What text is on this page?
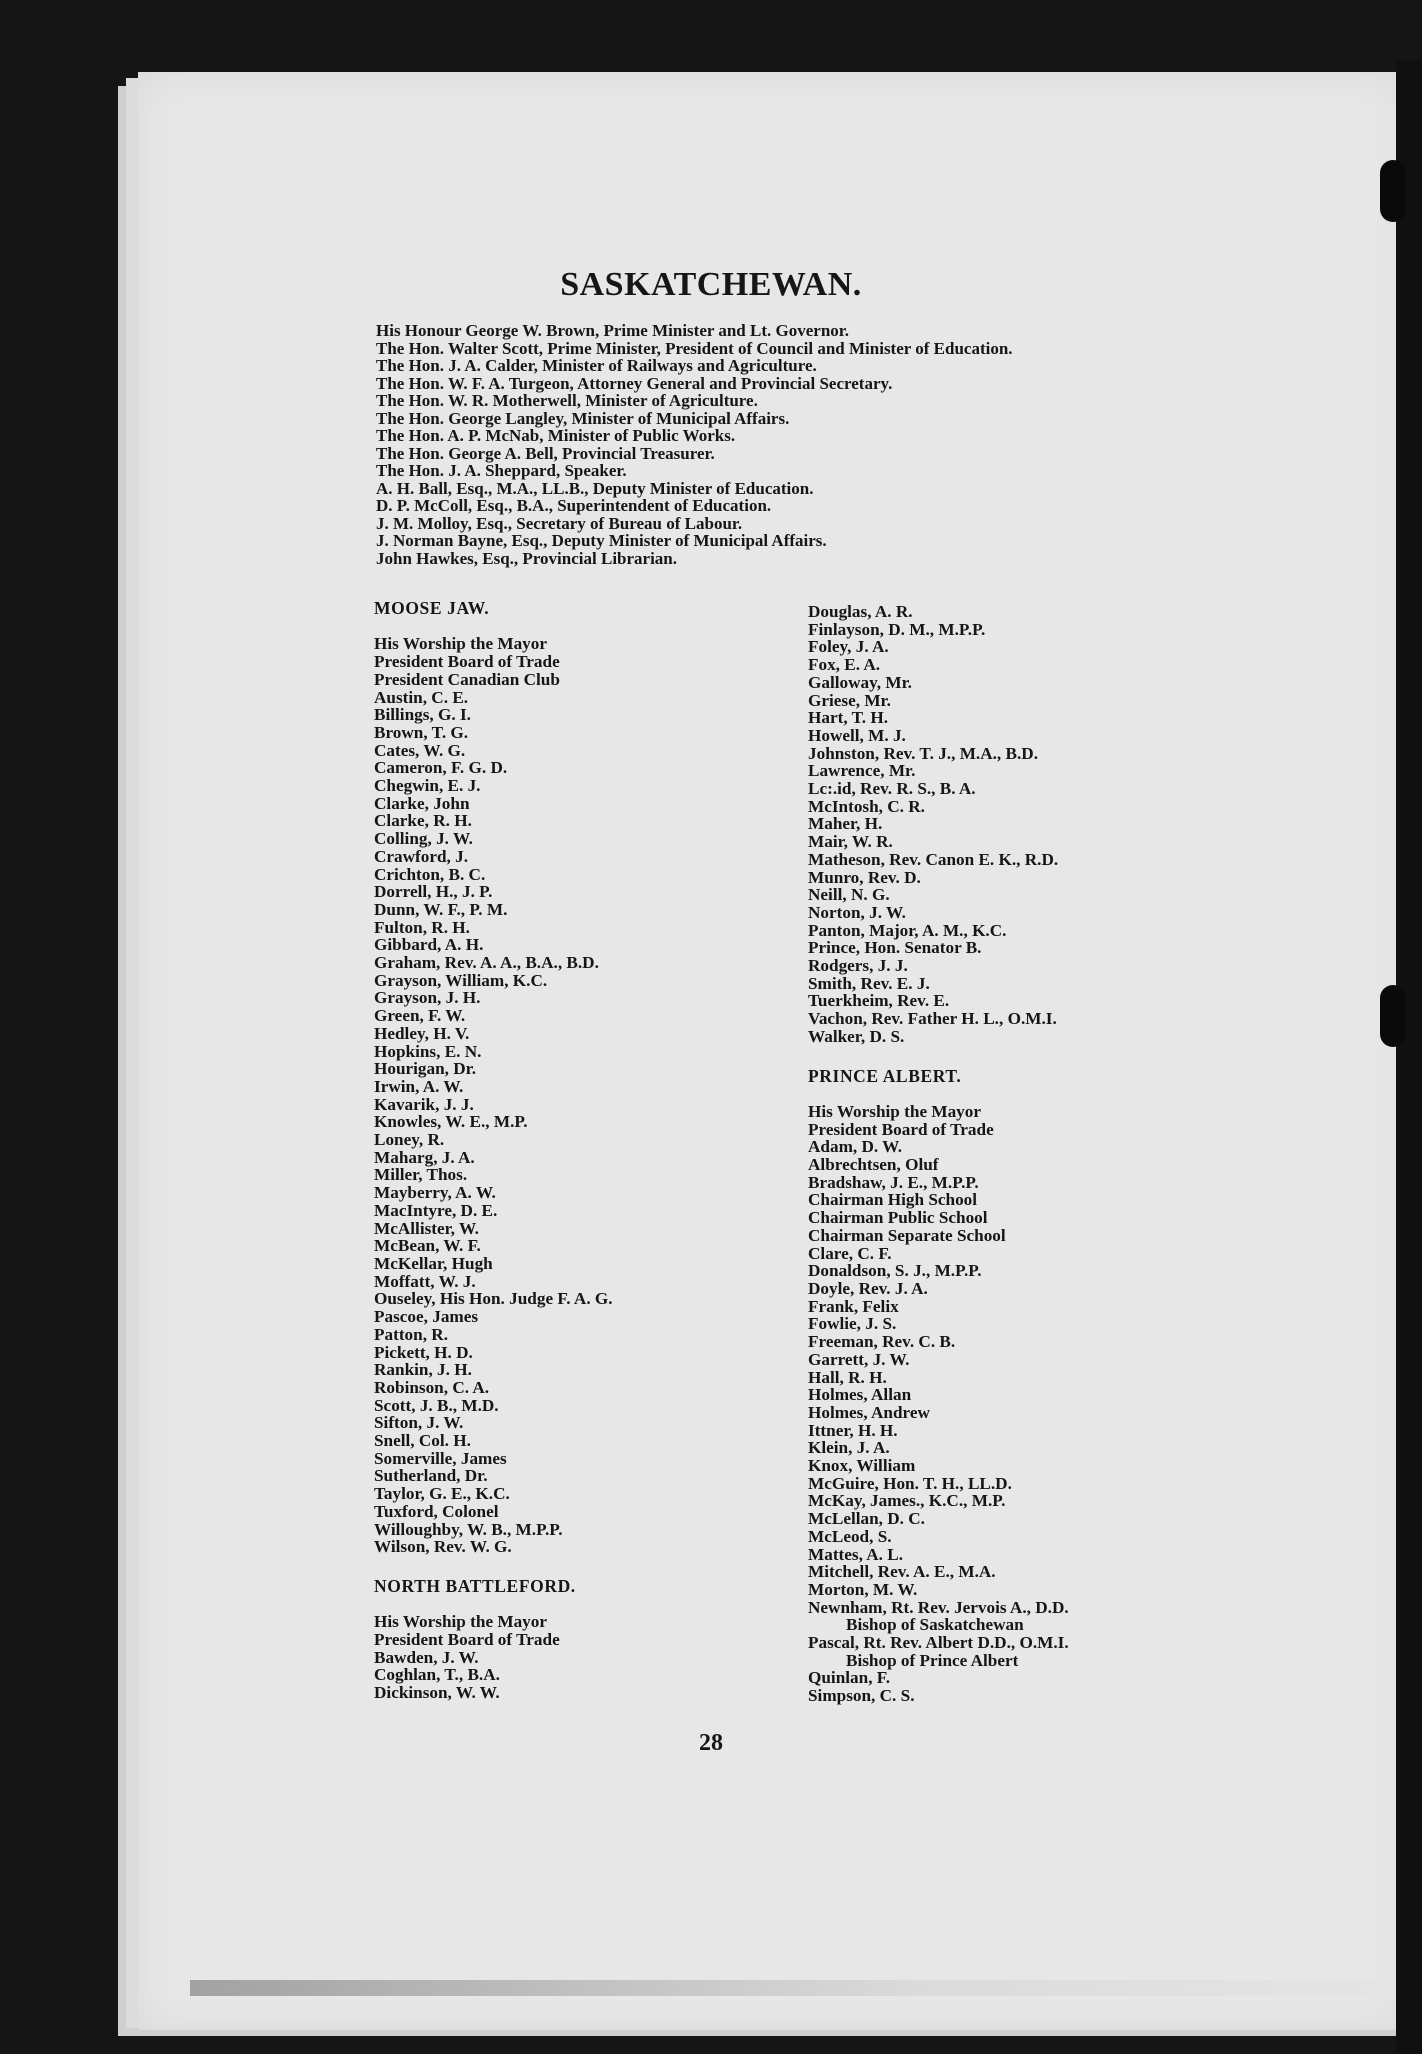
SASKATCHEWAN.
His Honour George W. Brown, Prime Minister and Lt. Governor.
The Hon. Walter Scott, Prime Minister, President of Council and Minister of Education.
The Hon. J. A. Calder, Minister of Railways and Agriculture.
The Hon. W. F. A. Turgeon, Attorney General and Provincial Secretary.
The Hon. W. R. Motherwell, Minister of Agriculture.
The Hon. George Langley, Minister of Municipal Affairs.
The Hon. A. P. McNab, Minister of Public Works.
The Hon. George A. Bell, Provincial Treasurer.
The Hon. J. A. Sheppard, Speaker.
A. H. Ball, Esq., M.A., LL.B., Deputy Minister of Education.
D. P. McColl, Esq., B.A., Superintendent of Education.
J. M. Molloy, Esq., Secretary of Bureau of Labour.
J. Norman Bayne, Esq., Deputy Minister of Municipal Affairs.
John Hawkes, Esq., Provincial Librarian.
MOOSE JAW.
His Worship the Mayor
President Board of Trade
President Canadian Club
Austin, C. E.
Billings, G. I.
Brown, T. G.
Cates, W. G.
Cameron, F. G. D.
Chegwin, E. J.
Clarke, John
Clarke, R. H.
Colling, J. W.
Crawford, J.
Crichton, B. C.
Dorrell, H., J. P.
Dunn, W. F., P. M.
Fulton, R. H.
Gibbard, A. H.
Graham, Rev. A. A., B.A., B.D.
Grayson, William, K.C.
Grayson, J. H.
Green, F. W.
Hedley, H. V.
Hopkins, E. N.
Hourigan, Dr.
Irwin, A. W.
Kavarik, J. J.
Knowles, W. E., M.P.
Loney, R.
Maharg, J. A.
Miller, Thos.
Mayberry, A. W.
MacIntyre, D. E.
McAllister, W.
McBean, W. F.
McKellar, Hugh
Moffatt, W. J.
Ouseley, His Hon. Judge F. A. G.
Pascoe, James
Patton, R.
Pickett, H. D.
Rankin, J. H.
Robinson, C. A.
Scott, J. B., M.D.
Sifton, J. W.
Snell, Col. H.
Somerville, James
Sutherland, Dr.
Taylor, G. E., K.C.
Tuxford, Colonel
Willoughby, W. B., M.P.P.
Wilson, Rev. W. G.
NORTH BATTLEFORD.
His Worship the Mayor
President Board of Trade
Bawden, J. W.
Coghlan, T., B.A.
Dickinson, W. W.
Douglas, A. R.
Finlayson, D. M., M.P.P.
Foley, J. A.
Fox, E. A.
Galloway, Mr.
Griese, Mr.
Hart, T. H.
Howell, M. J.
Johnston, Rev. T. J., M.A., B.D.
Lawrence, Mr.
Lc:.id, Rev. R. S., B. A.
McIntosh, C. R.
Maher, H.
Mair, W. R.
Matheson, Rev. Canon E. K., R.D.
Munro, Rev. D.
Neill, N. G.
Norton, J. W.
Panton, Major, A. M., K.C.
Prince, Hon. Senator B.
Rodgers, J. J.
Smith, Rev. E. J.
Tuerkheim, Rev. E.
Vachon, Rev. Father H. L., O.M.I.
Walker, D. S.
PRINCE ALBERT.
His Worship the Mayor
President Board of Trade
Adam, D. W.
Albrechtsen, Oluf
Bradshaw, J. E., M.P.P.
Chairman High School
Chairman Public School
Chairman Separate School
Clare, C. F.
Donaldson, S. J., M.P.P.
Doyle, Rev. J. A.
Frank, Felix
Fowlie, J. S.
Freeman, Rev. C. B.
Garrett, J. W.
Hall, R. H.
Holmes, Allan
Holmes, Andrew
Ittner, H. H.
Klein, J. A.
Knox, William
McGuire, Hon. T. H., LL.D.
McKay, James., K.C., M.P.
McLellan, D. C.
McLeod, S.
Mattes, A. L.
Mitchell, Rev. A. E., M.A.
Morton, M. W.
Newnham, Rt. Rev. Jervois A., D.D.
Bishop of Saskatchewan
Pascal, Rt. Rev. Albert D.D., O.M.I.
Bishop of Prince Albert
Quinlan, F.
Simpson, C. S.

28
